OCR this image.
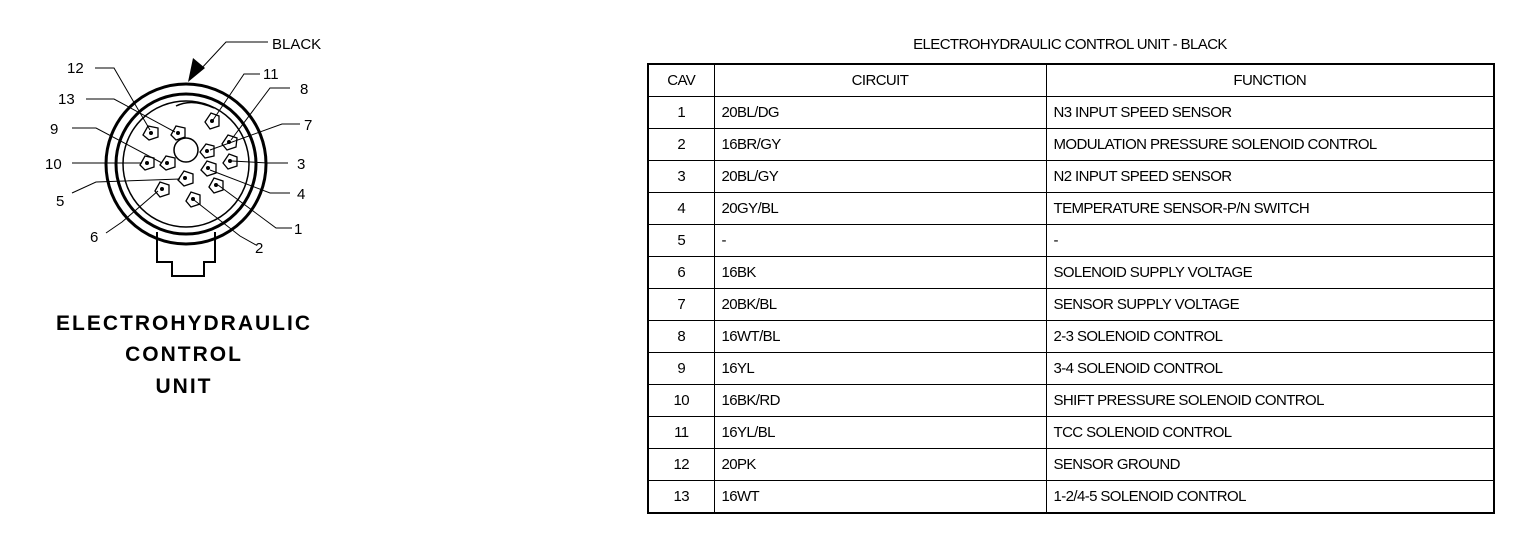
BLACK
12
13
9
10
5
6
11
8
7
3
4
1
2
ELECTROHYDRAULIC
CONTROL
UNIT
ELECTROHYDRAULIC CONTROL UNIT - BLACK
CAV	CIRCUIT	FUNCTION
1	20BL/DG	N3 INPUT SPEED SENSOR
2	16BR/GY	MODULATION PRESSURE SOLENOID CONTROL
3	20BL/GY	N2 INPUT SPEED SENSOR
4	20GY/BL	TEMPERATURE SENSOR-P/N SWITCH
5	-	-
6	16BK	SOLENOID SUPPLY VOLTAGE
7	20BK/BL	SENSOR SUPPLY VOLTAGE
8	16WT/BL	2-3 SOLENOID CONTROL
9	16YL	3-4 SOLENOID CONTROL
10	16BK/RD	SHIFT PRESSURE SOLENOID CONTROL
11	16YL/BL	TCC SOLENOID CONTROL
12	20PK	SENSOR GROUND
13	16WT	1-2/4-5 SOLENOID CONTROL
